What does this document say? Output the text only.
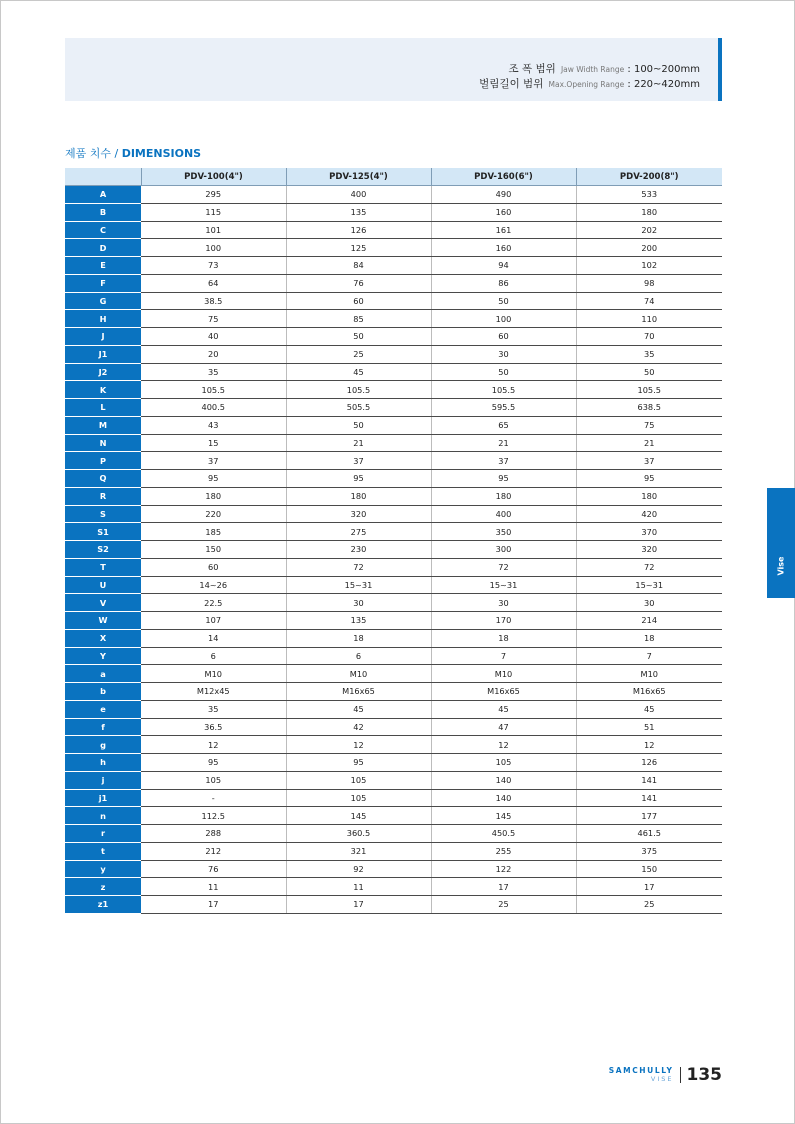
조 폭 범위 Jaw Width Range : 100~200mm
벌림길이 범위 Max.Opening Range : 220~420mm
제품 치수 / DIMENSIONS
	PDV-100(4")	PDV-125(4")	PDV-160(6")	PDV-200(8")
A	295	400	490	533
B	115	135	160	180
C	101	126	161	202
D	100	125	160	200
E	73	84	94	102
F	64	76	86	98
G	38.5	60	50	74
H	75	85	100	110
J	40	50	60	70
J1	20	25	30	35
J2	35	45	50	50
K	105.5	105.5	105.5	105.5
L	400.5	505.5	595.5	638.5
M	43	50	65	75
N	15	21	21	21
P	37	37	37	37
Q	95	95	95	95
R	180	180	180	180
S	220	320	400	420
S1	185	275	350	370
S2	150	230	300	320
T	60	72	72	72
U	14~26	15~31	15~31	15~31
V	22.5	30	30	30
W	107	135	170	214
X	14	18	18	18
Y	6	6	7	7
a	M10	M10	M10	M10
b	M12x45	M16x65	M16x65	M16x65
e	35	45	45	45
f	36.5	42	47	51
g	12	12	12	12
h	95	95	105	126
j	105	105	140	141
j1	-	105	140	141
n	112.5	145	145	177
r	288	360.5	450.5	461.5
t	212	321	255	375
y	76	92	122	150
z	11	11	17	17
z1	17	17	25	25
Vise
SAMCHULLY
VISE 135
